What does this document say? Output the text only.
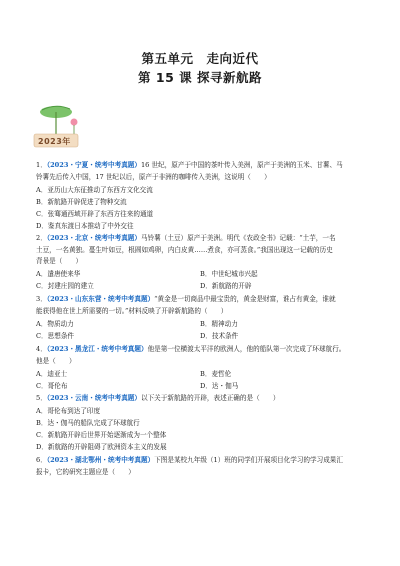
第五单元　走向近代
第 15 课 探寻新航路
2023年
1．（2023・宁夏・统考中考真题）16 世纪，原产于中国的茶叶传入美洲，原产于美洲的玉米、甘薯、马
铃薯先后传入中国，17 世纪以后，原产于非洲的咖啡传入美洲，这说明（　　）
A．亚历山大东征推动了东西方文化交流
B．新航路开辟促进了物种交流
C．张骞通西域开辟了东西方往来的通道
D．鉴真东渡日本推动了中外交往
2．（2023・北京・统考中考真题）马铃薯（土豆）原产于美洲。明代《农政全书》记载：“土芋，一名
土豆，一名黄独。蔓生叶如豆，根圆如鸡卵，内白皮黄……煮食，亦可蒸食。”我国出现这一记载的历史
背景是（　　）
A．遣唐使来华	B．中世纪城市兴起
C．封建庄园的建立	D．新航路的开辟
3．（2023・山东东营・统考中考真题）“黄金是一切商品中最宝贵的，黄金是财富，谁占有黄金，谁就
能获得他在世上所需要的一切。”材料反映了开辟新航路的（　　）
A．物质动力	B．精神动力
C．思想条件	D．技术条件
4．（2023・黑龙江・统考中考真题）他是第一位横渡太平洋的欧洲人，他的船队第一次完成了环球航行。
他是（　　）
A．迪亚士	B．麦哲伦
C．哥伦布	D．达・伽马
5．（2023・云南・统考中考真题）以下关于新航路的开辟，表述正确的是（　　）
A．哥伦布到达了印度
B．达・伽马的船队完成了环球航行
C．新航路开辟后世界开始逐渐成为一个整体
D．新航路的开辟阻碍了欧洲资本主义的发展
6．（2023・湖北鄂州・统考中考真题）下图是某校九年级（1）班的同学们开展项目化学习的学习成果汇
报卡，它的研究主题应是（　　）
